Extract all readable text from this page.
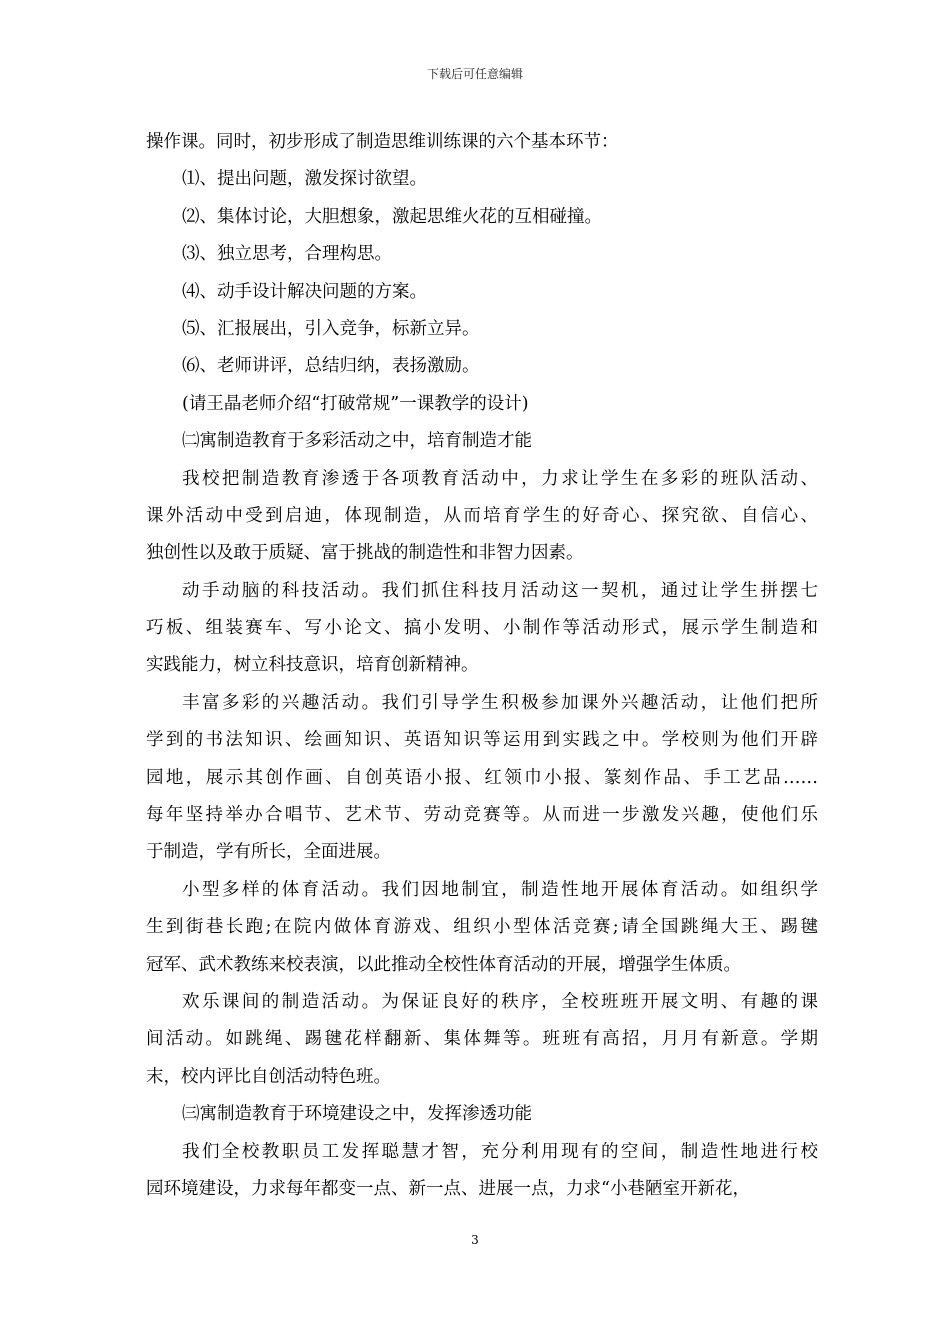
下载后可任意编辑
操作课。同时，初步形成了制造思维训练课的六个基本环节：
⑴、提出问题，激发探讨欲望。
⑵、集体讨论，大胆想象，激起思维火花的互相碰撞。
⑶、独立思考，合理构思。
⑷、动手设计解决问题的方案。
⑸、汇报展出，引入竞争，标新立异。
⑹、老师讲评，总结归纳，表扬激励。
(请王晶老师介绍“打破常规”一课教学的设计)
㈡寓制造教育于多彩活动之中，培育制造才能
我校把制造教育渗透于各项教育活动中，力求让学生在多彩的班队活动、
课外活动中受到启迪，体现制造，从而培育学生的好奇心、探究欲、自信心、
独创性以及敢于质疑、富于挑战的制造性和非智力因素。
动手动脑的科技活动。我们抓住科技月活动这一契机，通过让学生拼摆七
巧板、组装赛车、写小论文、搞小发明、小制作等活动形式，展示学生制造和
实践能力，树立科技意识，培育创新精神。
丰富多彩的兴趣活动。我们引导学生积极参加课外兴趣活动，让他们把所
学到的书法知识、绘画知识、英语知识等运用到实践之中。学校则为他们开辟
园地，展示其创作画、自创英语小报、红领巾小报、篆刻作品、手工艺品……
每年坚持举办合唱节、艺术节、劳动竞赛等。从而进一步激发兴趣，使他们乐
于制造，学有所长，全面进展。
小型多样的体育活动。我们因地制宜，制造性地开展体育活动。如组织学
生到街巷长跑;在院内做体育游戏、组织小型体活竞赛;请全国跳绳大王、踢毽
冠军、武术教练来校表演，以此推动全校性体育活动的开展，增强学生体质。
欢乐课间的制造活动。为保证良好的秩序，全校班班开展文明、有趣的课
间活动。如跳绳、踢毽花样翻新、集体舞等。班班有高招，月月有新意。学期
末，校内评比自创活动特色班。
㈢寓制造教育于环境建设之中，发挥渗透功能
我们全校教职员工发挥聪慧才智，充分利用现有的空间，制造性地进行校
园环境建设，力求每年都变一点、新一点、进展一点，力求“小巷陋室开新花，
3
